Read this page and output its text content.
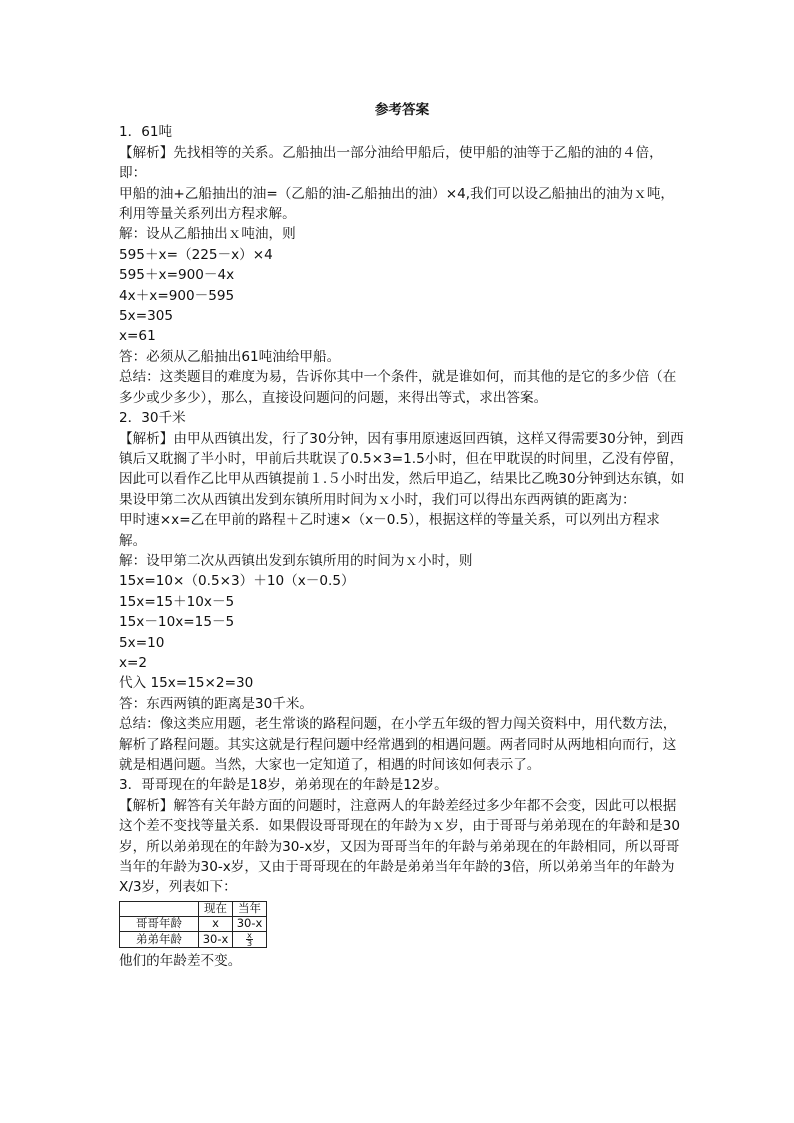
参考答案
1．61吨
【解析】先找相等的关系。乙船抽出一部分油给甲船后，使甲船的油等于乙船的油的４倍，即：
甲船的油+乙船抽出的油=（乙船的油-乙船抽出的油）×4,我们可以设乙船抽出的油为ｘ吨，利用等量关系列出方程求解。
解：设从乙船抽出ｘ吨油，则
595＋x=（225－x）×4
595＋x=900－4x
4x＋x=900－595
5x=305
x=61
答：必须从乙船抽出61吨油给甲船。
总结：这类题目的难度为易，告诉你其中一个条件，就是谁如何，而其他的是它的多少倍（在多少或少多少），那么，直接设问题问的问题，来得出等式，求出答案。
2．30千米
【解析】由甲从西镇出发，行了30分钟，因有事用原速返回西镇，这样又得需要30分钟，到西镇后又耽搁了半小时，甲前后共耽误了0.5×3=1.5小时，但在甲耽误的时间里，乙没有停留，因此可以看作乙比甲从西镇提前１.５小时出发，然后甲追乙，结果比乙晚30分钟到达东镇，如果设甲第二次从西镇出发到东镇所用时间为ｘ小时，我们可以得出东西两镇的距离为：
甲时速×x=乙在甲前的路程＋乙时速×（x－0.5），根据这样的等量关系，可以列出方程求解。
解：设甲第二次从西镇出发到东镇所用的时间为ｘ小时，则
15x=10×（0.5×3）＋10（x－0.5）
15x=15＋10x－5
15x－10x=15－5
5x=10
x=2
代入 15x=15×2=30
答：东西两镇的距离是30千米。
总结：像这类应用题，老生常谈的路程问题，在小学五年级的智力闯关资料中，用代数方法，解析了路程问题。其实这就是行程问题中经常遇到的相遇问题。两者同时从两地相向而行，这就是相遇问题。当然，大家也一定知道了，相遇的时间该如何表示了。
3．哥哥现在的年龄是18岁，弟弟现在的年龄是12岁。
【解析】解答有关年龄方面的问题时，注意两人的年龄差经过多少年都不会变，因此可以根据这个差不变找等量关系．如果假设哥哥现在的年龄为ｘ岁，由于哥哥与弟弟现在的年龄和是30岁，所以弟弟现在的年龄为30-x岁，又因为哥哥当年的年龄与弟弟现在的年龄相同，所以哥哥当年的年龄为30-x岁，又由于哥哥现在的年龄是弟弟当年年龄的3倍，所以弟弟当年的年龄为X/3岁，列表如下：
	现在	当年
哥哥年龄	x	30-x
弟弟年龄	30-x	$\frac{x}{3}$
他们的年龄差不变。
